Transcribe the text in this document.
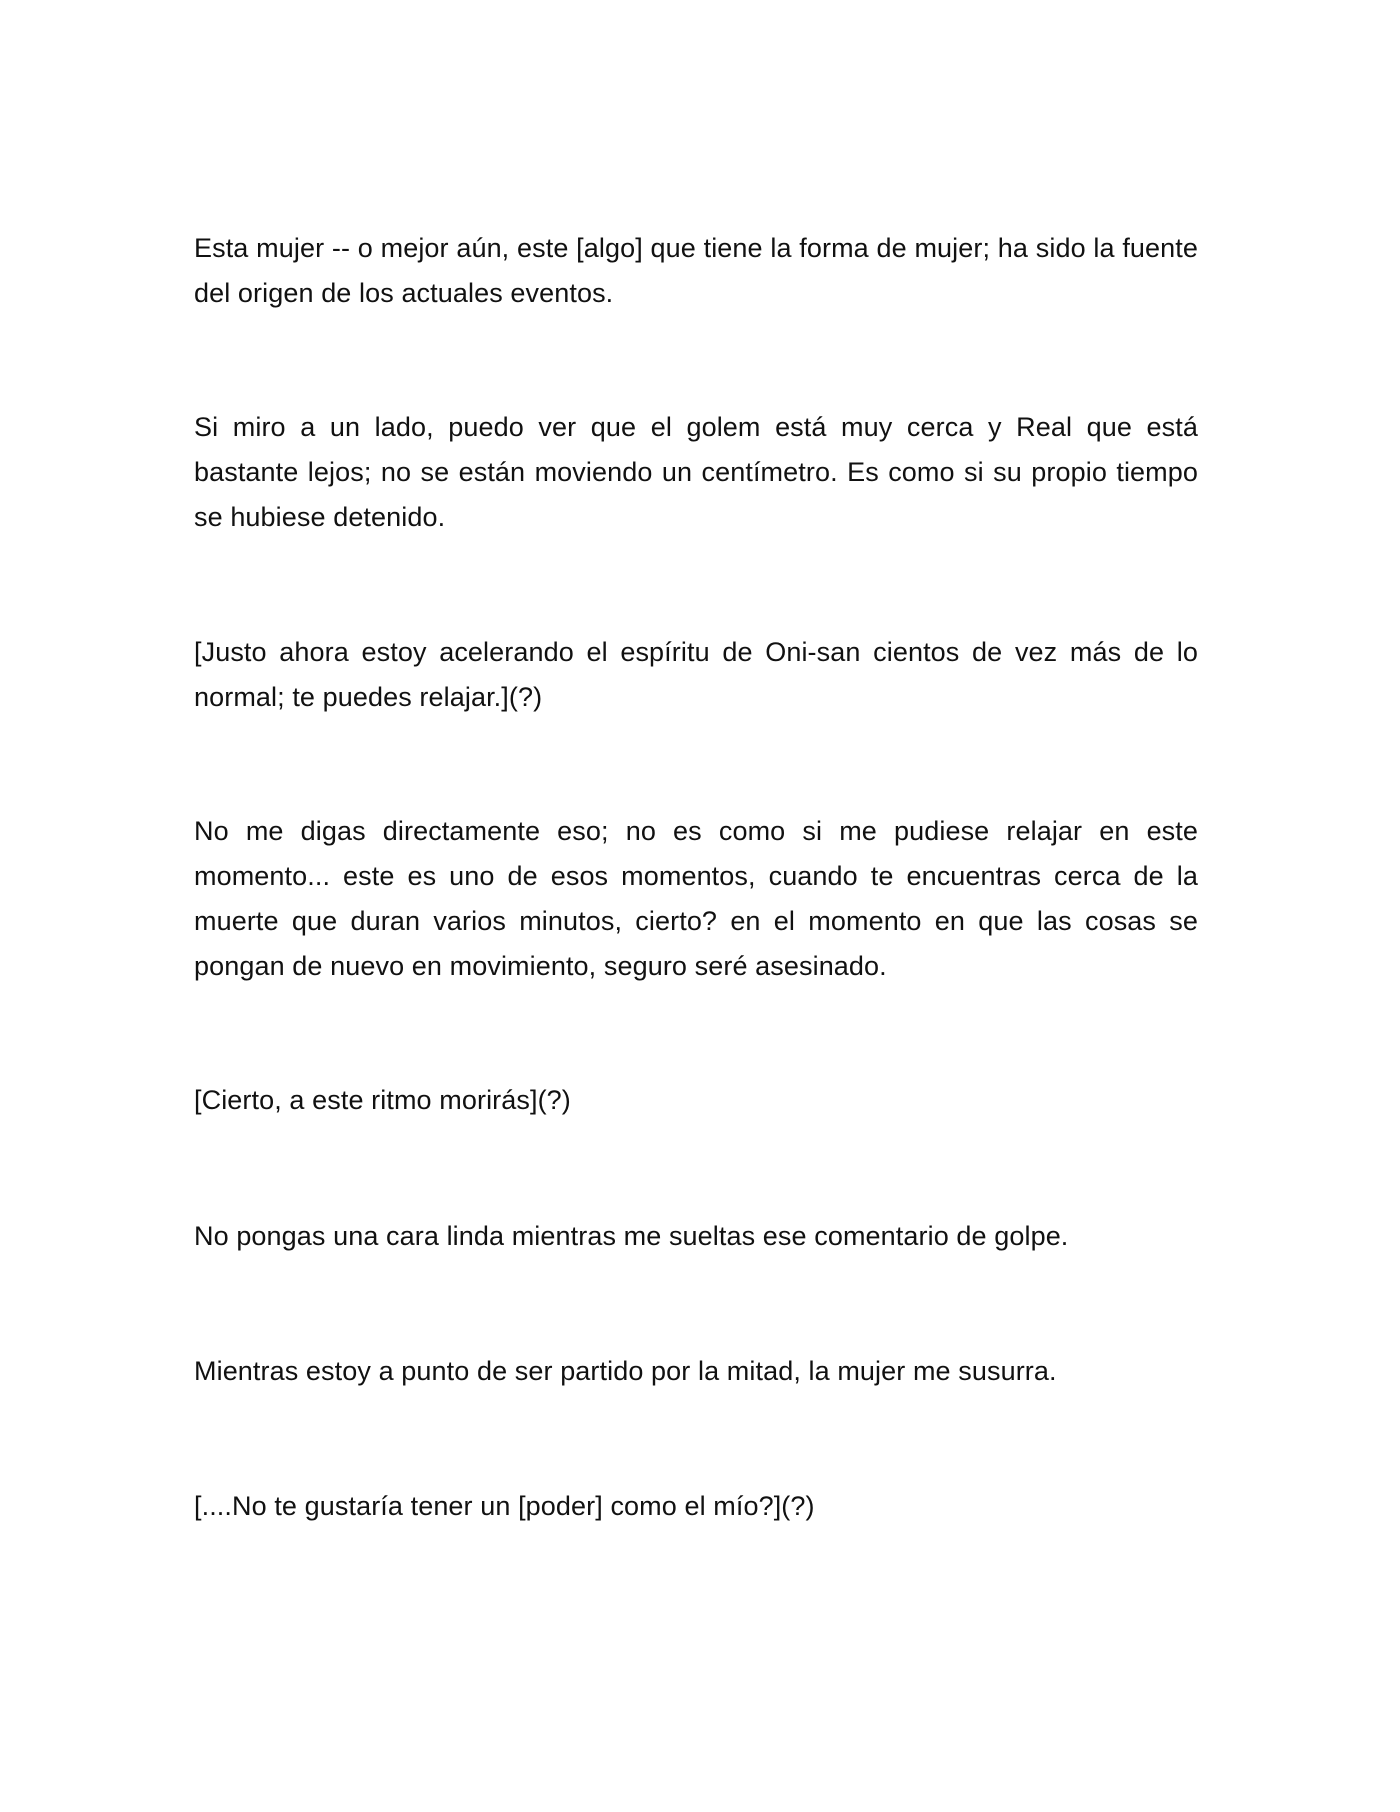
Esta mujer -- o mejor aún, este [algo] que tiene la forma de mujer; ha sido la fuente del origen de los actuales eventos.

Si miro a un lado, puedo ver que el golem está muy cerca y Real que está bastante lejos; no se están moviendo un centímetro. Es como si su propio tiempo se hubiese detenido.

[Justo ahora estoy acelerando el espíritu de Oni-san cientos de vez más de lo normal; te puedes relajar.](?)

No me digas directamente eso; no es como si me pudiese relajar en este momento... este es uno de esos momentos, cuando te encuentras cerca de la muerte que duran varios minutos, cierto? en el momento en que las cosas se pongan de nuevo en movimiento, seguro seré asesinado.

[Cierto, a este ritmo morirás](?)

No pongas una cara linda mientras me sueltas ese comentario de golpe.

Mientras estoy a punto de ser partido por la mitad, la mujer me susurra.

[....No te gustaría tener un [poder] como el mío?](?)
